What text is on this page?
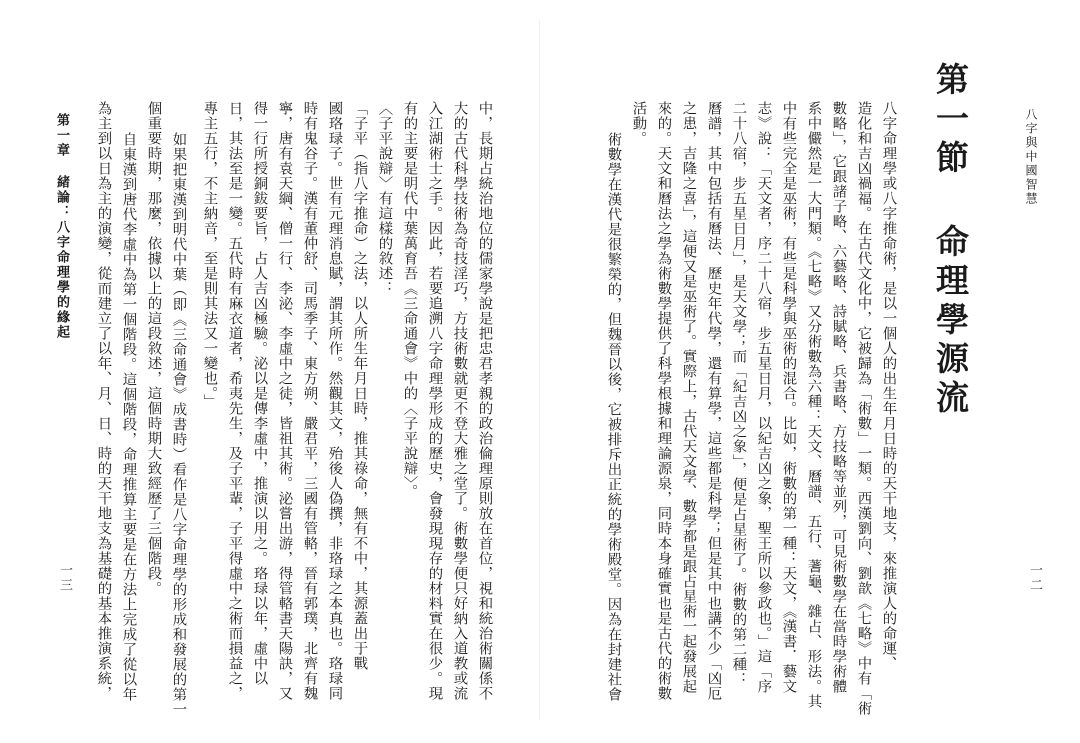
八字與中國智慧

第一節 命理學源流

八字命理學或八字推命術，是以一個人的出生年月日時的天干地支，來推演人的命運、

造化和吉凶禍福。在古代文化中，它被歸為「術數」一類。西漢劉向、劉歆《七略》中有「術

數略」，它跟諸子略、六藝略、詩賦略、兵書略、方技略等並列，可見術數學在當時學術體

系中儼然是一大門類。《七略》又分術數為六種：天文、曆譜、五行、蓍龜、雜占、形法。其

中有些完全是巫術，有些是科學與巫術的混合。比如，術數的第一種：天文，《漢書．藝文

志》說：「天文者，序二十八宿，步五星日月，以紀吉凶之象，聖王所以參政也。」這「序

二十八宿，步五星日月」，是天文學；而「紀吉凶之象」，便是占星術了。術數的第二種：

曆譜，其中包括有曆法、歷史年代學，還有算學，這些都是科學；但是其中也講不少「凶厄

之患，吉隆之喜」，這便又是巫術了。實際上，古代天文學、數學都是跟占星術一起發展起

來的。天文和曆法之學為術數學提供了科學根據和理論源泉，同時本身確實也是古代的術數

活動。

術數學在漢代是很繁榮的，但魏晉以後，它被排斥出正統的學術殿堂。因為在封建社會	一二

中，長期占統治地位的儒家學說是把忠君孝親的政治倫理原則放在首位，視和統治術關係不

大的古代科學技術為奇技淫巧，方技術數就更不登大雅之堂了。術數學便只好納入道教或流

入江湖術士之手。因此，若要追溯八字命理學形成的歷史，會發現現存的材料實在很少。現

有的主要是明代中葉萬育吾《三命通會》中的〈子平說辯〉。

〈子平說辯〉有這樣的敘述：

「子平（指八字推命）之法，以人所生年月日時，推其祿命，無有不中，其源蓋出于戰

國珞琭子。世有元理消息賦，謂其所作。然觀其文，殆後人偽撰，非珞琭之本真也。珞琭同

時有鬼谷子。漢有董仲舒、司馬季子、東方朔、嚴君平，三國有管輅，晉有郭璞，北齊有魏

寧，唐有袁天綱、僧一行、李泌、李虛中之徒，皆祖其術。泌嘗出游，得管輅書天陽訣，又

得一行所授銅鈸要旨，占人吉凶極驗。泌以是傳李虛中，推演以用之。珞琭以年，虛中以

日，其法至是一變。五代時有麻衣道者，希夷先生，及子平輩，子平得虛中之術而損益之，

專主五行，不主納音，至是則其法又一變也。」

如果把東漢到明代中葉（即《三命通會》成書時）看作是八字命理學的形成和發展的第一

個重要時期，那麼，依據以上的這段敘述，這個時期大致經歷了三個階段。

自東漢到唐代李虛中為第一個階段。這個階段，命理推算主要是在方法上完成了從以年

為主到以日為主的演變，從而建立了以年、月、日、時的天干地支為基礎的基本推演系統，

第一章 緒論：八字命理學的緣起

一三
